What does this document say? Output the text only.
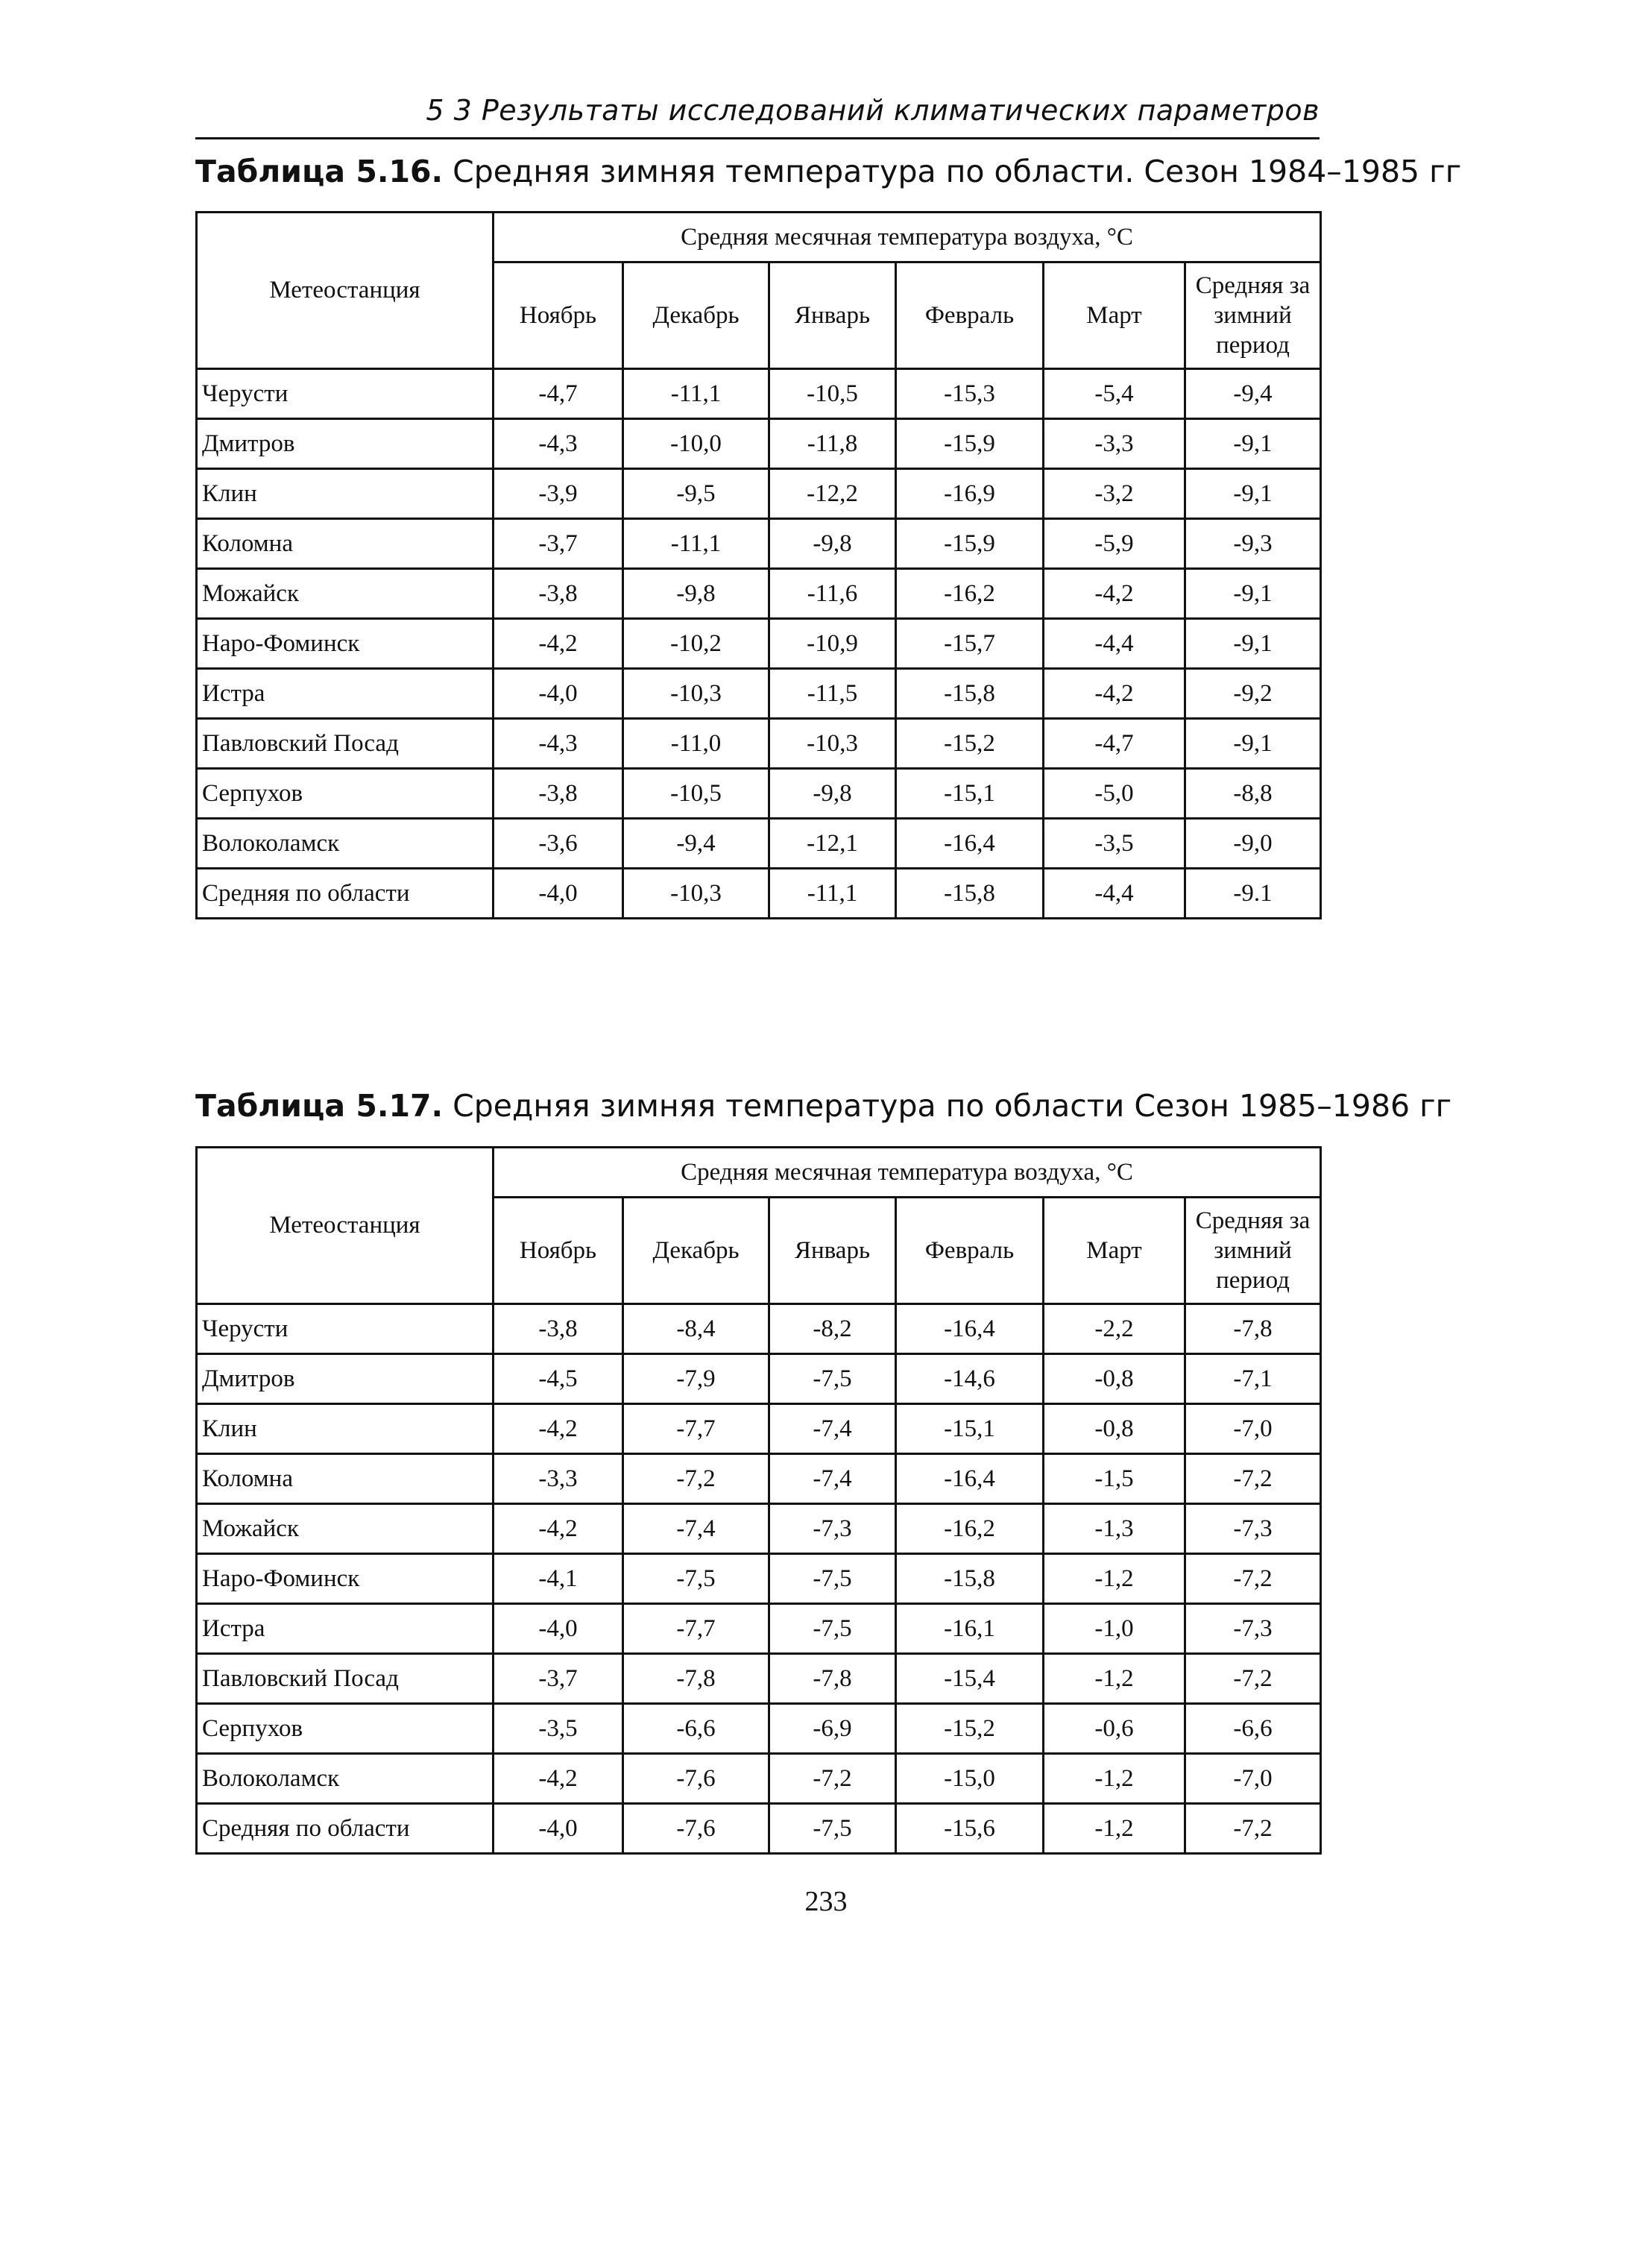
5 3 Результаты исследований климатических параметров
Таблица 5.16. Средняя зимняя температура по области. Сезон 1984–1985 гг
Метеостанция	Средняя месячная температура воздуха, °C					
	Ноябрь	Декабрь	Январь	Февраль	Март	Средняя за зимний период
Черусти	-4,7	-11,1	-10,5	-15,3	-5,4	-9,4
Дмитров	-4,3	-10,0	-11,8	-15,9	-3,3	-9,1
Клин	-3,9	-9,5	-12,2	-16,9	-3,2	-9,1
Коломна	-3,7	-11,1	-9,8	-15,9	-5,9	-9,3
Можайск	-3,8	-9,8	-11,6	-16,2	-4,2	-9,1
Наро-Фоминск	-4,2	-10,2	-10,9	-15,7	-4,4	-9,1
Истра	-4,0	-10,3	-11,5	-15,8	-4,2	-9,2
Павловский Посад	-4,3	-11,0	-10,3	-15,2	-4,7	-9,1
Серпухов	-3,8	-10,5	-9,8	-15,1	-5,0	-8,8
Волоколамск	-3,6	-9,4	-12,1	-16,4	-3,5	-9,0
Средняя по области	-4,0	-10,3	-11,1	-15,8	-4,4	-9.1
Таблица 5.17. Средняя зимняя температура по области Сезон 1985–1986 гг
Метеостанция	Средняя месячная температура воздуха, °C					
	Ноябрь	Декабрь	Январь	Февраль	Март	Средняя за зимний период
Черусти	-3,8	-8,4	-8,2	-16,4	-2,2	-7,8
Дмитров	-4,5	-7,9	-7,5	-14,6	-0,8	-7,1
Клин	-4,2	-7,7	-7,4	-15,1	-0,8	-7,0
Коломна	-3,3	-7,2	-7,4	-16,4	-1,5	-7,2
Можайск	-4,2	-7,4	-7,3	-16,2	-1,3	-7,3
Наро-Фоминск	-4,1	-7,5	-7,5	-15,8	-1,2	-7,2
Истра	-4,0	-7,7	-7,5	-16,1	-1,0	-7,3
Павловский Посад	-3,7	-7,8	-7,8	-15,4	-1,2	-7,2
Серпухов	-3,5	-6,6	-6,9	-15,2	-0,6	-6,6
Волоколамск	-4,2	-7,6	-7,2	-15,0	-1,2	-7,0
Средняя по области	-4,0	-7,6	-7,5	-15,6	-1,2	-7,2
233
